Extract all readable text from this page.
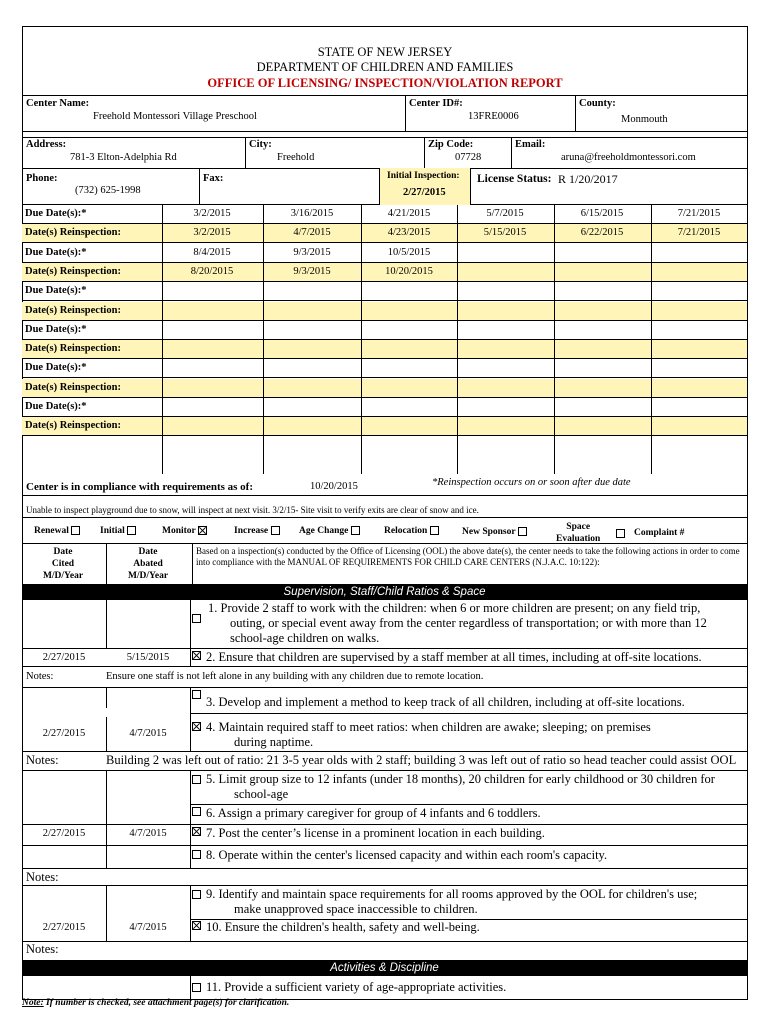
STATE OF NEW JERSEY
DEPARTMENT OF CHILDREN AND FAMILIES
OFFICE OF LICENSING/ INSPECTION/VIOLATION REPORT
Center Name:
Freehold Montessori Village Preschool
Center ID#:
13FRE0006
County:
Monmouth
Address:
781-3 Elton-Adelphia Rd
City:
Freehold
Zip Code:
07728
Email:
aruna@freeholdmontessori.com
Phone:
(732) 625-1998
Fax:	Initial Inspection:
2/27/2015
License Status: R 1/20/2017
Due Date(s):*	3/2/2015	3/16/2015	4/21/2015	5/7/2015	6/15/2015	7/21/2015
Date(s) Reinspection:	3/2/2015	4/7/2015	4/23/2015	5/15/2015	6/22/2015	7/21/2015
Due Date(s):*	8/4/2015	9/3/2015	10/5/2015
Date(s) Reinspection:	8/20/2015	9/3/2015	10/20/2015
Due Date(s):*
Date(s) Reinspection:
Due Date(s):*
Date(s) Reinspection:
Due Date(s):*
Date(s) Reinspection:
Due Date(s):*
Date(s) Reinspection:
Center is in compliance with requirements as of:	10/20/2015	*Reinspection occurs on or soon after due date
Unable to inspect playground due to snow, will inspect at next visit. 3/2/15- Site visit to verify exits are clear of snow and ice.
Renewal	Initial	Monitor	Increase	Age Change	Relocation	New Sponsor	Space
Evaluation
Complaint #
Date
Cited
M/D/Year
Date
Abated
M/D/Year
Based on a inspection(s) conducted by the Office of Licensing (OOL) the above date(s), the center needs to take the following actions in order to come into compliance with the MANUAL OF REQUIREMENTS FOR CHILD CARE CENTERS (N.J.A.C. 10:122):
Supervision, Staff/Child Ratios & Space
1. Provide 2 staff to work with the children: when 6 or more children are present; on any field trip,
outing, or special event away from the center regardless of transportation; or with more than 12
school-age children on walks.
2/27/2015	5/15/2015	2. Ensure that children are supervised by a staff member at all times, including at off-site locations.
Notes:	Ensure one staff is not left alone in any building with any children due to remote location.
3. Develop and implement a method to keep track of all children, including at off-site locations.
2/27/2015	4/7/2015	4. Maintain required staff to meet ratios: when children are awake; sleeping; on premises
during naptime.
Notes:	Building 2 was left out of ratio: 21 3-5 year olds with 2 staff; building 3 was left out of ratio so head teacher could assist OOL
5. Limit group size to 12 infants (under 18 months), 20 children for early childhood or 30 children for
school-age
6. Assign a primary caregiver for group of 4 infants and 6 toddlers.
2/27/2015	4/7/2015	7. Post the center’s license in a prominent location in each building.
8. Operate within the center's licensed capacity and within each room's capacity.
Notes:
9. Identify and maintain space requirements for all rooms approved by the OOL for children's use;
make unapproved space inaccessible to children.
2/27/2015	4/7/2015	10. Ensure the children's health, safety and well-being.
Notes:
Activities & Discipline
11. Provide a sufficient variety of age-appropriate activities.
Note: If number is checked, see attachment page(s) for clarification.
